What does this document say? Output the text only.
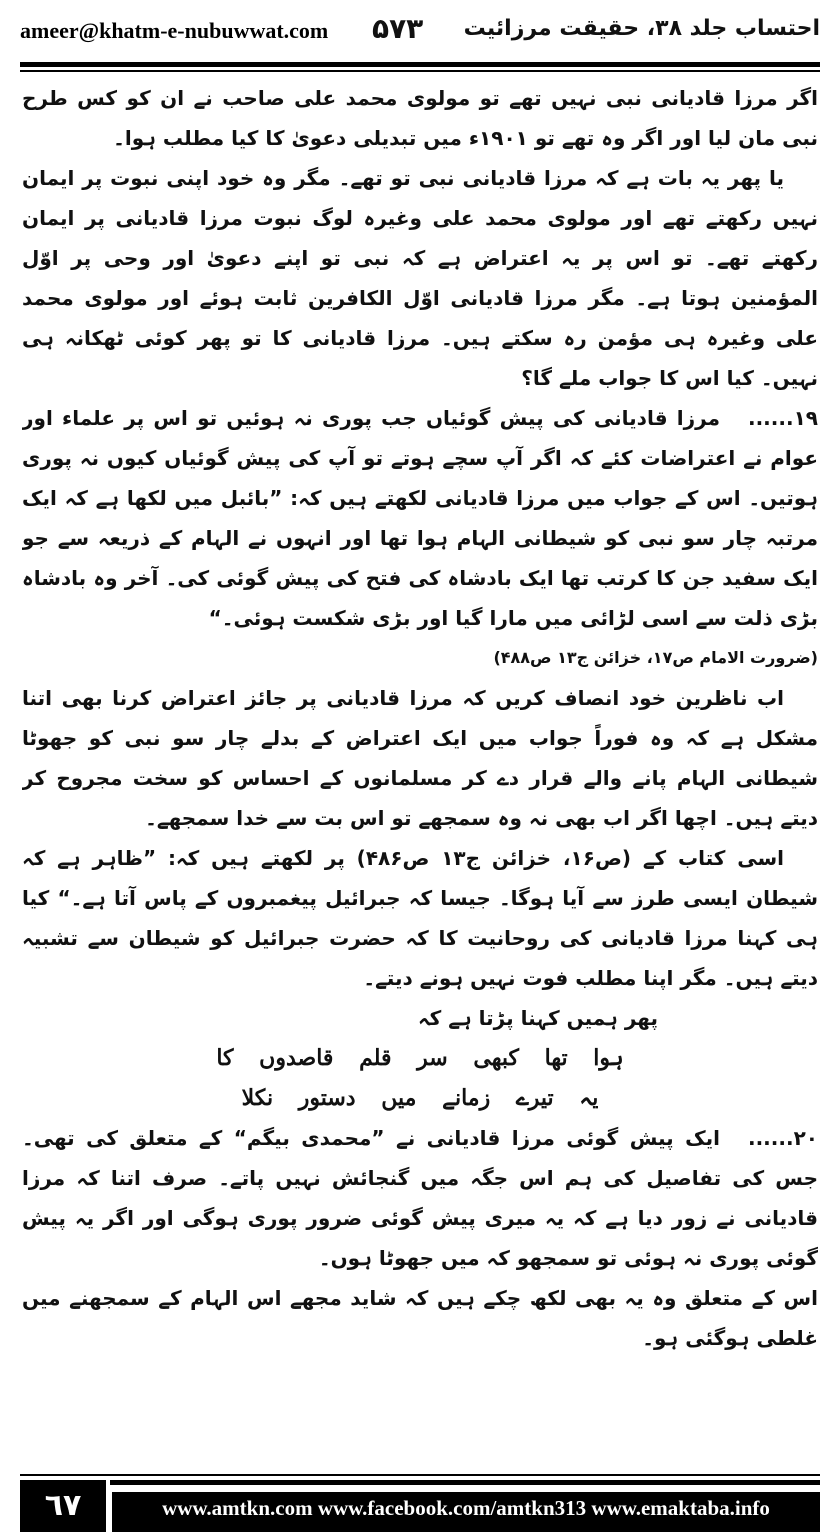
ameer@khatm-e-nubuwwat.com ۵۷۳ احتساب جلد ۳۸، حقیقت مرزائیت

اگر مرزا قادیانی نبی نہیں تھے تو مولوی محمد علی صاحب نے ان کو کس طرح نبی مان لیا اور اگر وہ تھے تو ۱۹۰۱ء میں تبدیلی دعویٰ کا کیا مطلب ہوا۔

یا پھر یہ بات ہے کہ مرزا قادیانی نبی تو تھے۔ مگر وہ خود اپنی نبوت پر ایمان نہیں رکھتے تھے اور مولوی محمد علی وغیرہ لوگ نبوت مرزا قادیانی پر ایمان رکھتے تھے۔ تو اس پر یہ اعتراض ہے کہ نبی تو اپنے دعویٰ اور وحی پر اوّل المؤمنین ہوتا ہے۔ مگر مرزا قادیانی اوّل الکافرین ثابت ہوئے اور مولوی محمد علی وغیرہ ہی مؤمن رہ سکتے ہیں۔ مرزا قادیانی کا تو پھر کوئی ٹھکانہ ہی نہیں۔ کیا اس کا جواب ملے گا؟

۱۹......مرزا قادیانی کی پیش گوئیاں جب پوری نہ ہوئیں تو اس پر علماء اور عوام نے اعتراضات کئے کہ اگر آپ سچے ہوتے تو آپ کی پیش گوئیاں کیوں نہ پوری ہوتیں۔ اس کے جواب میں مرزا قادیانی لکھتے ہیں کہ: ”بائبل میں لکھا ہے کہ ایک مرتبہ چار سو نبی کو شیطانی الہام ہوا تھا اور انہوں نے الہام کے ذریعہ سے جو ایک سفید جن کا کرتب تھا ایک بادشاہ کی فتح کی پیش گوئی کی۔ آخر وہ بادشاہ بڑی ذلت سے اسی لڑائی میں مارا گیا اور بڑی شکست ہوئی۔“

(ضرورت الامام ص۱۷، خزائن ج۱۳ ص۴۸۸)

اب ناظرین خود انصاف کریں کہ مرزا قادیانی پر جائز اعتراض کرنا بھی اتنا مشکل ہے کہ وہ فوراً جواب میں ایک اعتراض کے بدلے چار سو نبی کو جھوٹا شیطانی الہام پانے والے قرار دے کر مسلمانوں کے احساس کو سخت مجروح کر دیتے ہیں۔ اچھا اگر اب بھی نہ وہ سمجھے تو اس بت سے خدا سمجھے۔

اسی کتاب کے (ص۱۶، خزائن ج۱۳ ص۴۸۶) پر لکھتے ہیں کہ: ”ظاہر ہے کہ شیطان ایسی طرز سے آیا ہوگا۔ جیسا کہ جبرائیل پیغمبروں کے پاس آتا ہے۔“ کیا ہی کہنا مرزا قادیانی کی روحانیت کا کہ حضرت جبرائیل کو شیطان سے تشبیہ دیتے ہیں۔ مگر اپنا مطلب فوت نہیں ہونے دیتے۔

پھر ہمیں کہنا پڑتا ہے کہ

ہوا تھا کبھی سر قلم قاصدوں کا

یہ تیرے زمانے میں دستور نکلا

۲۰......ایک پیش گوئی مرزا قادیانی نے ”محمدی بیگم“ کے متعلق کی تھی۔ جس کی تفاصیل کی ہم اس جگہ میں گنجائش نہیں پاتے۔ صرف اتنا کہ مرزا قادیانی نے زور دیا ہے کہ یہ میری پیش گوئی ضرور پوری ہوگی اور اگر یہ پیش گوئی پوری نہ ہوئی تو سمجھو کہ میں جھوٹا ہوں۔

اس کے متعلق وہ یہ بھی لکھ چکے ہیں کہ شاید مجھے اس الہام کے سمجھنے میں غلطی ہوگئی ہو۔

٦٧	www.amtkn.com www.facebook.com/amtkn313 www.emaktaba.info
